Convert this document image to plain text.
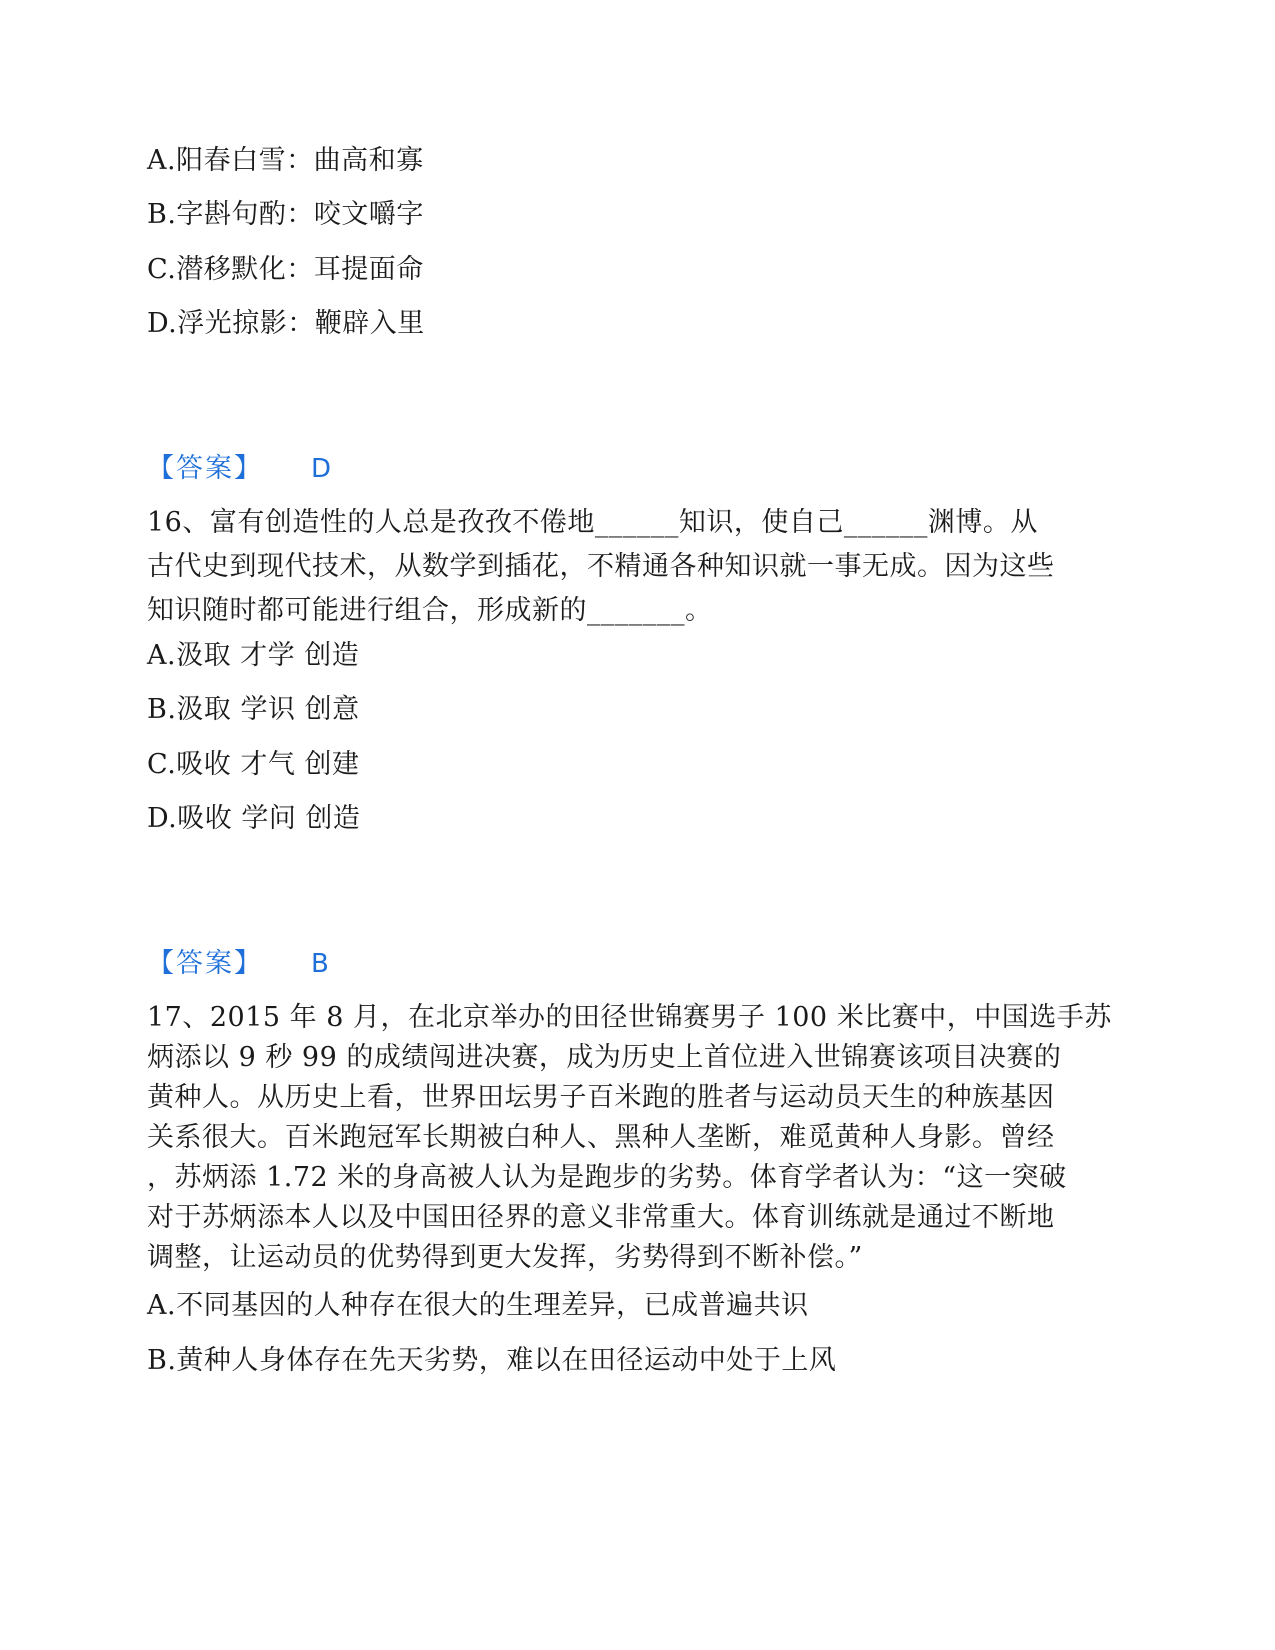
A.阳春白雪：曲高和寡
B.字斟句酌：咬文嚼字
C.潜移默化：耳提面命
D.浮光掠影：鞭辟入里
【答案】 D
16、富有创造性的人总是孜孜不倦地______知识，使自己______渊博。从
古代史到现代技术，从数学到插花，不精通各种知识就一事无成。因为这些
知识随时都可能进行组合，形成新的_______。
A.汲取 才学 创造
B.汲取 学识 创意
C.吸收 才气 创建
D.吸收 学问 创造
【答案】 B
17、2015 年 8 月，在北京举办的田径世锦赛男子 100 米比赛中，中国选手苏
炳添以 9 秒 99 的成绩闯进决赛，成为历史上首位进入世锦赛该项目决赛的
黄种人。从历史上看，世界田坛男子百米跑的胜者与运动员天生的种族基因
关系很大。百米跑冠军长期被白种人、黑种人垄断，难觅黄种人身影。曾经
，苏炳添 1.72 米的身高被人认为是跑步的劣势。体育学者认为：“这一突破
对于苏炳添本人以及中国田径界的意义非常重大。体育训练就是通过不断地
调整，让运动员的优势得到更大发挥，劣势得到不断补偿。”
A.不同基因的人种存在很大的生理差异，已成普遍共识
B.黄种人身体存在先天劣势，难以在田径运动中处于上风
